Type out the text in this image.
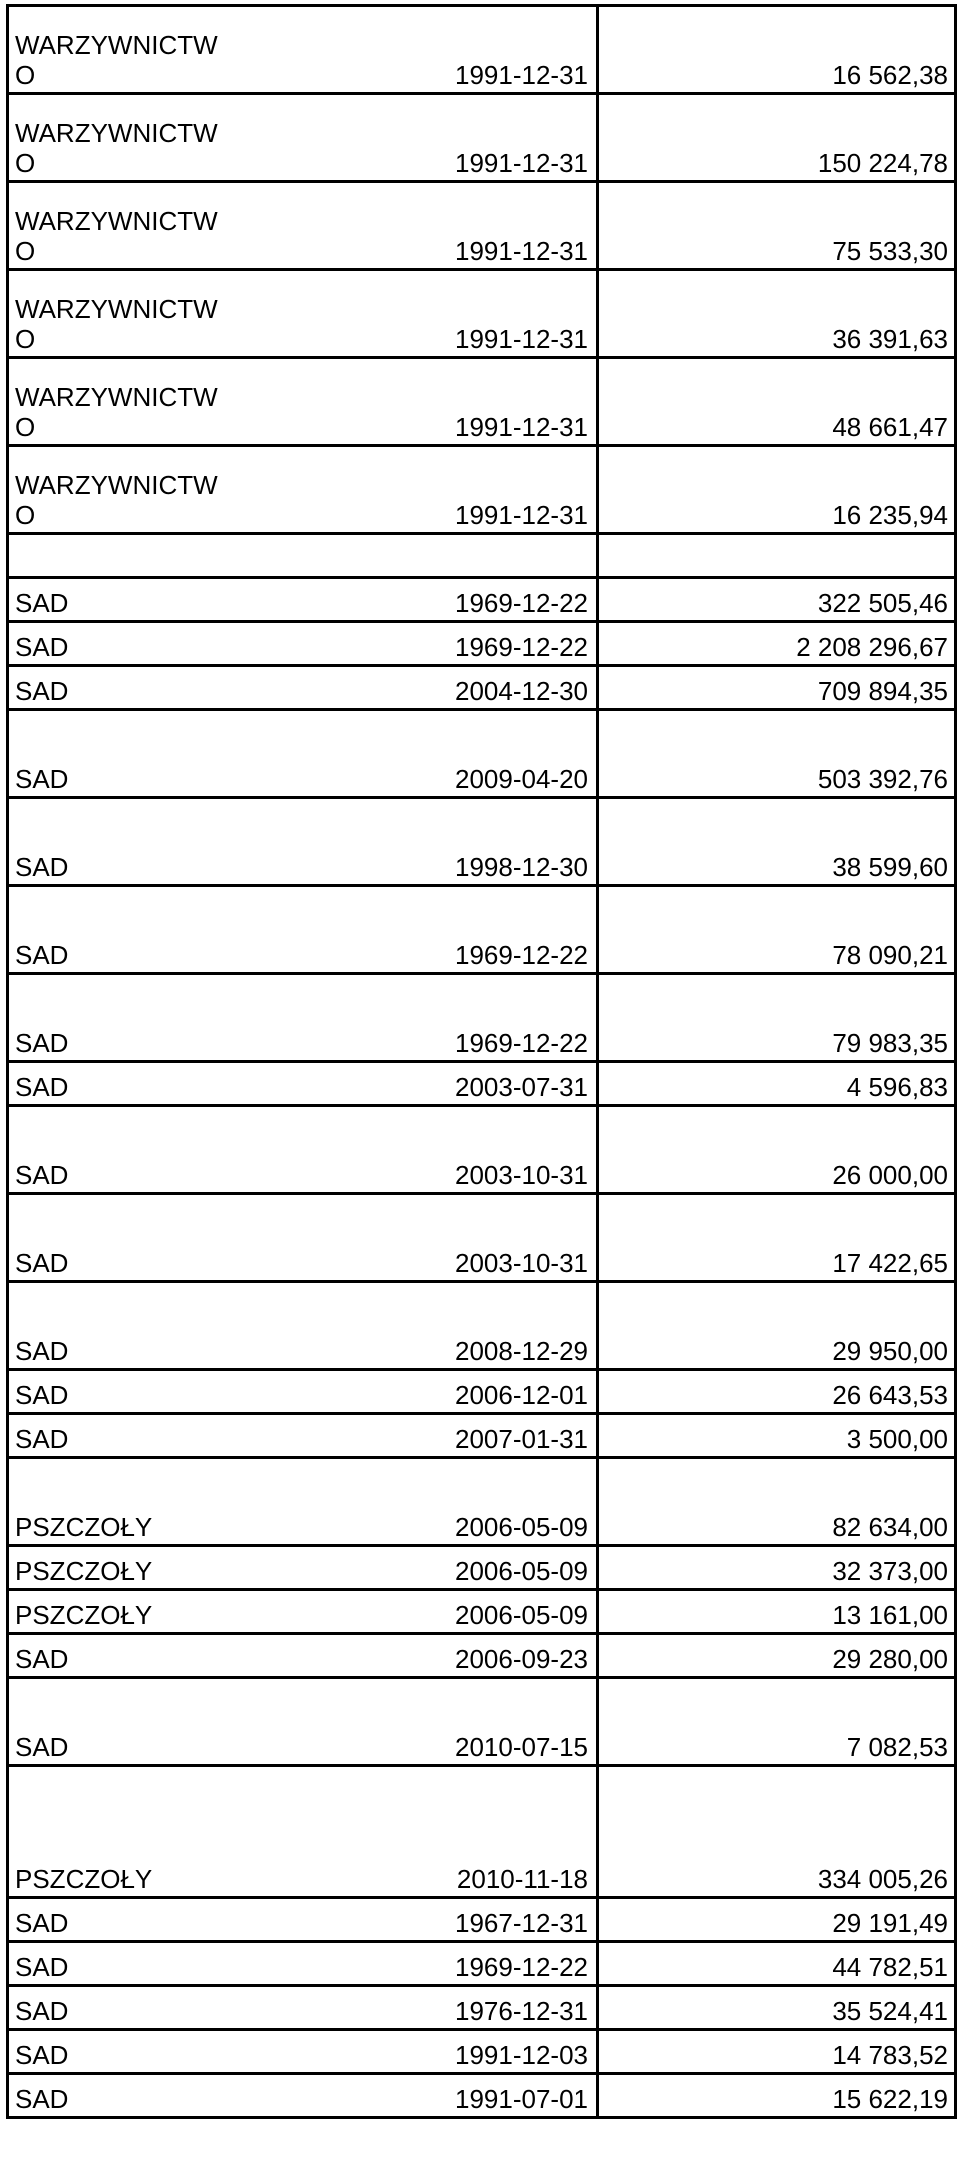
WARZYWNICTW
O 1991-12-31	16 562,38

WARZYWNICTW
O 1991-12-31	150 224,78

WARZYWNICTW
O 1991-12-31	75 533,30

WARZYWNICTW
O 1991-12-31	36 391,63

WARZYWNICTW
O 1991-12-31	48 661,47

WARZYWNICTW
O 1991-12-31	16 235,94

SAD 1969-12-22	322 505,46

SAD 1969-12-22	2 208 296,67

SAD 2004-12-30	709 894,35

SAD 2009-04-20	503 392,76

SAD 1998-12-30	38 599,60

SAD 1969-12-22	78 090,21

SAD 1969-12-22	79 983,35

SAD 2003-07-31	4 596,83

SAD 2003-10-31	26 000,00

SAD 2003-10-31	17 422,65

SAD 2008-12-29	29 950,00

SAD 2006-12-01	26 643,53

SAD 2007-01-31	3 500,00

PSZCZOŁY 2006-05-09	82 634,00

PSZCZOŁY 2006-05-09	32 373,00

PSZCZOŁY 2006-05-09	13 161,00

SAD 2006-09-23	29 280,00

SAD 2010-07-15	7 082,53

PSZCZOŁY 2010-11-18	334 005,26

SAD 1967-12-31	29 191,49

SAD 1969-12-22	44 782,51

SAD 1976-12-31	35 524,41

SAD 1991-12-03	14 783,52

SAD 1991-07-01	15 622,19
